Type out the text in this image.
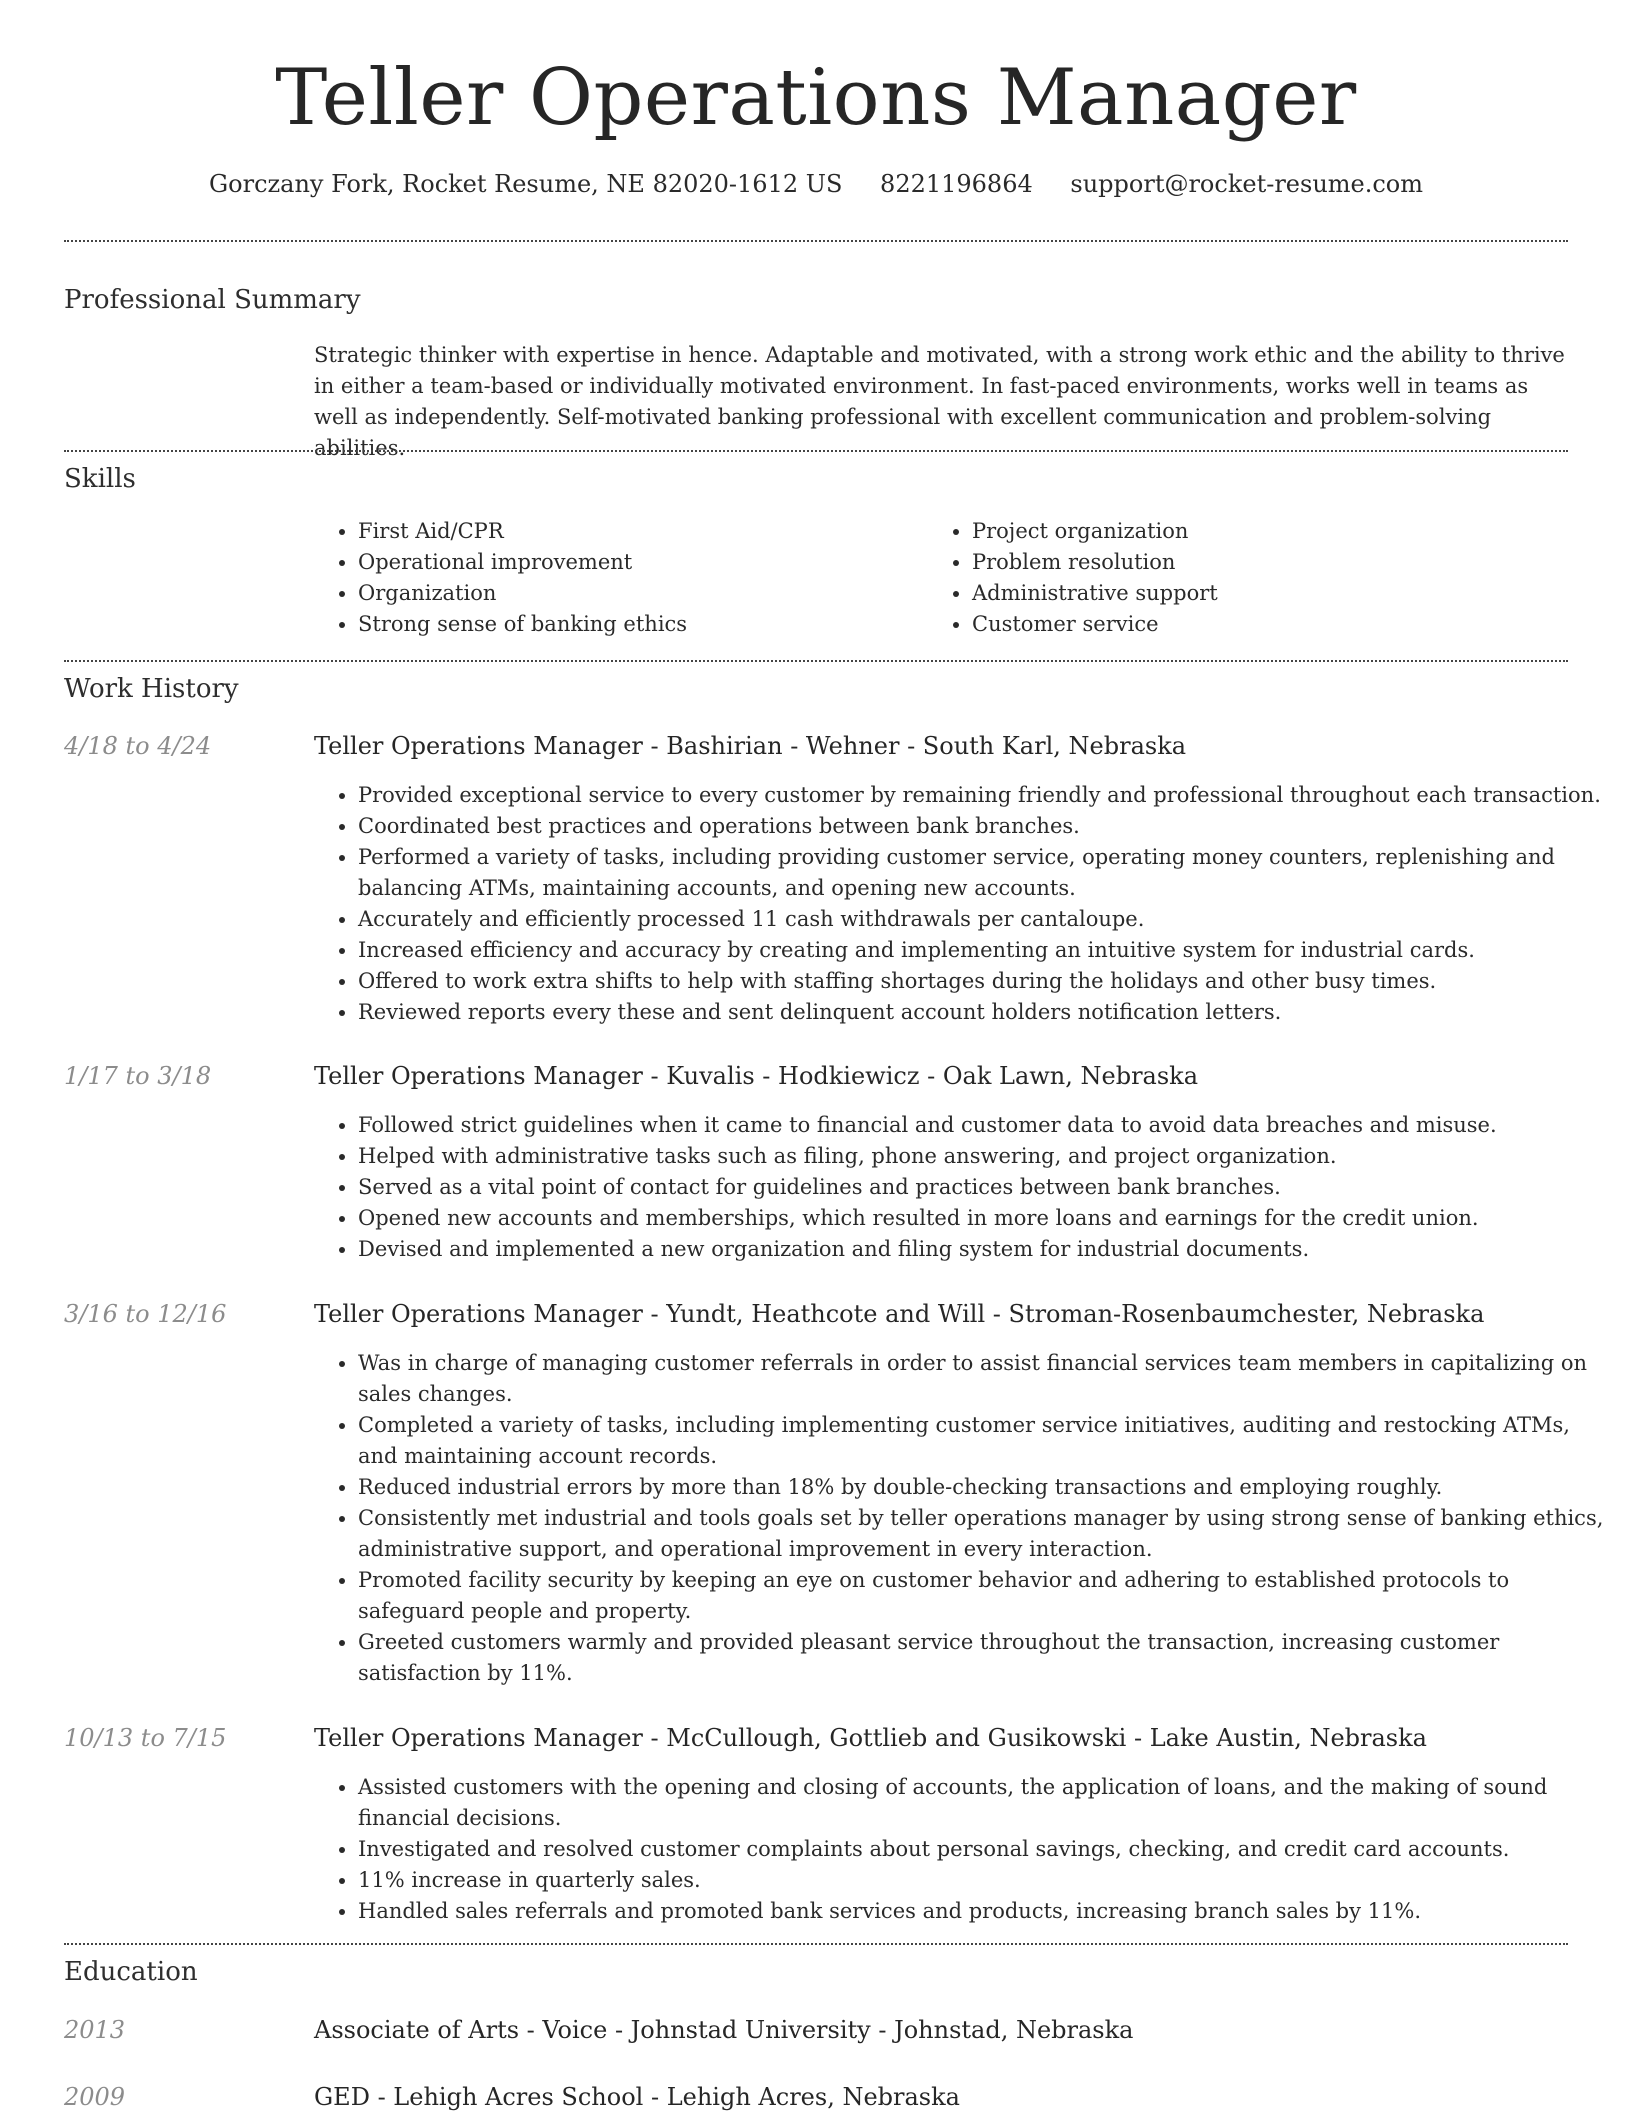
Teller Operations Manager
Gorczany Fork, Rocket Resume, NE 82020-1612 US 8221196864 support@rocket-resume.com
Professional Summary
Strategic thinker with expertise in hence. Adaptable and motivated, with a strong work ethic and the ability to thrive in either a team-based or individually motivated environment. In fast-paced environments, works well in teams as well as independently. Self-motivated banking professional with excellent communication and problem-solving abilities.
Skills
• First Aid/CPR
• Operational improvement
• Organization
• Strong sense of banking ethics
• Project organization
• Problem resolution
• Administrative support
• Customer service
Work History
4/18 to 4/24	Teller Operations Manager - Bashirian - Wehner - South Karl, Nebraska
• Provided exceptional service to every customer by remaining friendly and professional throughout each transaction.
• Coordinated best practices and operations between bank branches.
• Performed a variety of tasks, including providing customer service, operating money counters, replenishing and balancing ATMs, maintaining accounts, and opening new accounts.
• Accurately and efficiently processed 11 cash withdrawals per cantaloupe.
• Increased efficiency and accuracy by creating and implementing an intuitive system for industrial cards.
• Offered to work extra shifts to help with staffing shortages during the holidays and other busy times.
• Reviewed reports every these and sent delinquent account holders notification letters.
1/17 to 3/18	Teller Operations Manager - Kuvalis - Hodkiewicz - Oak Lawn, Nebraska
• Followed strict guidelines when it came to financial and customer data to avoid data breaches and misuse.
• Helped with administrative tasks such as filing, phone answering, and project organization.
• Served as a vital point of contact for guidelines and practices between bank branches.
• Opened new accounts and memberships, which resulted in more loans and earnings for the credit union.
• Devised and implemented a new organization and filing system for industrial documents.
3/16 to 12/16	Teller Operations Manager - Yundt, Heathcote and Will - Stroman-Rosenbaumchester, Nebraska
• Was in charge of managing customer referrals in order to assist financial services team members in capitalizing on sales changes.
• Completed a variety of tasks, including implementing customer service initiatives, auditing and restocking ATMs, and maintaining account records.
• Reduced industrial errors by more than 18% by double-checking transactions and employing roughly.
• Consistently met industrial and tools goals set by teller operations manager by using strong sense of banking ethics, administrative support, and operational improvement in every interaction.
• Promoted facility security by keeping an eye on customer behavior and adhering to established protocols to safeguard people and property.
• Greeted customers warmly and provided pleasant service throughout the transaction, increasing customer satisfaction by 11%.
10/13 to 7/15	Teller Operations Manager - McCullough, Gottlieb and Gusikowski - Lake Austin, Nebraska
• Assisted customers with the opening and closing of accounts, the application of loans, and the making of sound financial decisions.
• Investigated and resolved customer complaints about personal savings, checking, and credit card accounts.
• 11% increase in quarterly sales.
• Handled sales referrals and promoted bank services and products, increasing branch sales by 11%.
Education
2013	Associate of Arts - Voice - Johnstad University - Johnstad, Nebraska
2009	GED - Lehigh Acres School - Lehigh Acres, Nebraska
